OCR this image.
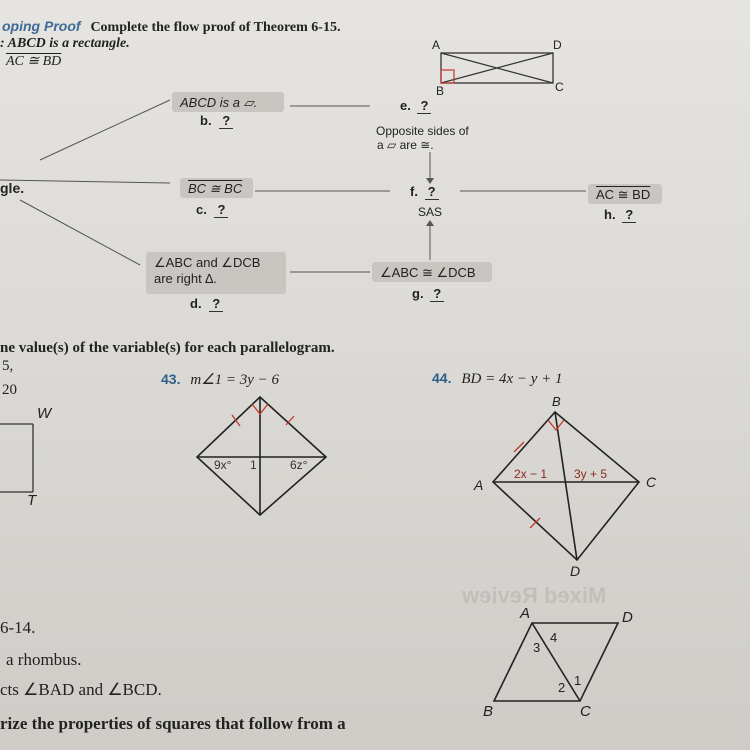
oping Proof Complete the flow proof of Theorem 6-15.
: ABCD is a rectangle.
AC ≅ BD
A	D
B	C
gle.
ABCD is a ▱.
b. ?
BC ≅ BC
c. ?
∠ABC and ∠DCB
are right ∆.
d. ?
e. ?
Opposite sides of
a ▱ are ≅.
f. ?
SAS
∠ABC ≅ ∠DCB
g. ?
AC ≅ BD
h. ?
ne value(s) of the variable(s) for each parallelogram.
5,
20
W
T
43. m∠1 = 3y − 6
9x° 1	6z°
44. BD = 4x − y + 1
B
A	C
D
2x − 1 3y + 5
Mixed Review
6-14.
a rhombus.
cts ∠BAD and ∠BCD.
rize the properties of squares that follow from a
A	D
B	C
3
4
2 1
